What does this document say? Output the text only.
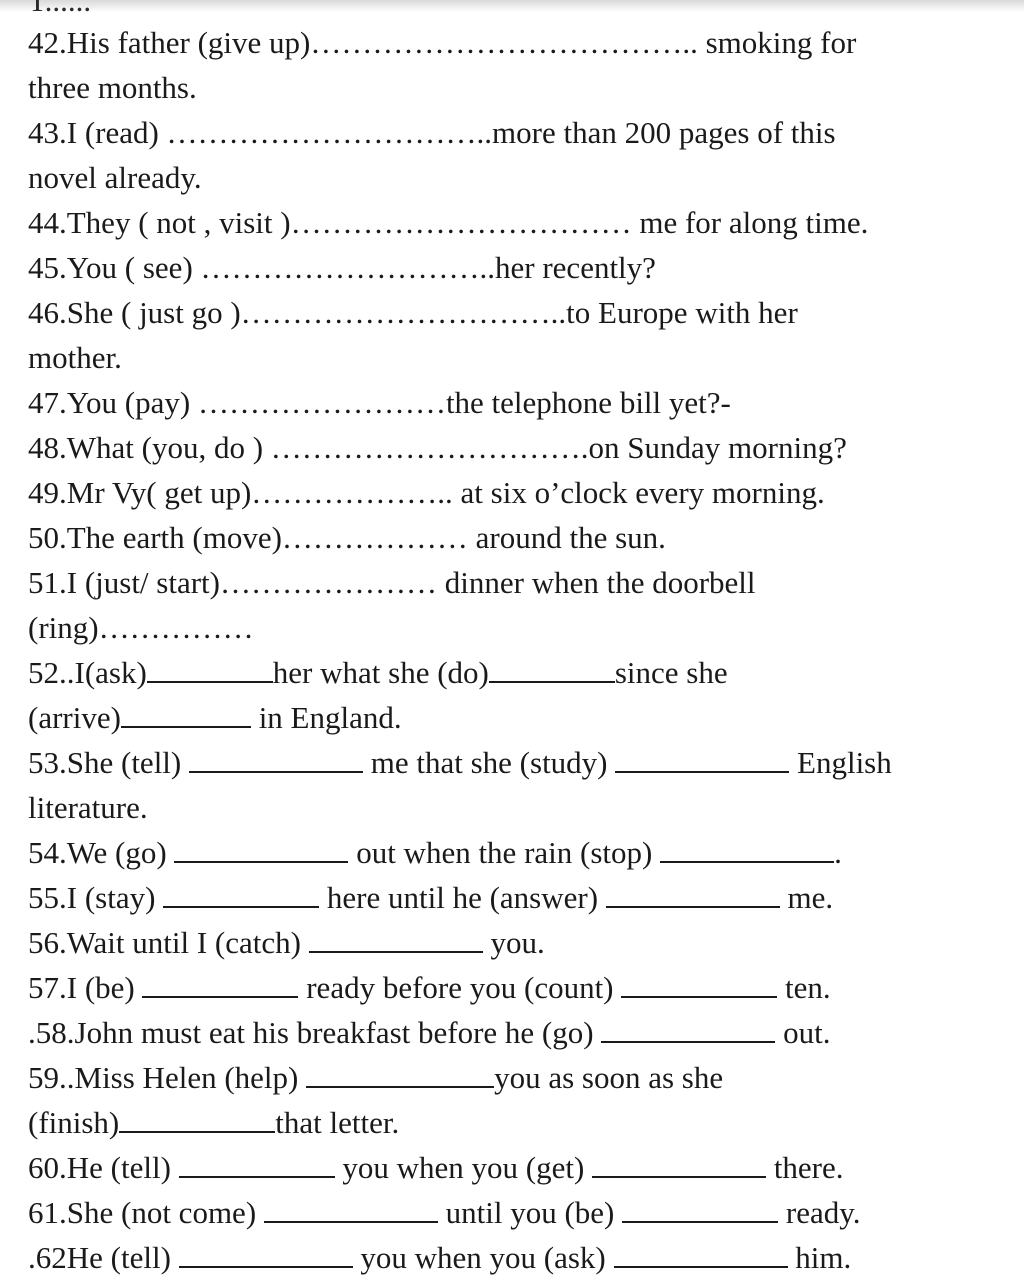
42.His father (give up)……………………………….. smoking for
three months.
43.I (read) …………………………..more than 200 pages of this
novel already.
44.They ( not , visit )…………………………… me for along time.
45.You ( see) ………………………..her recently?
46.She ( just go )…………………………..to Europe with her
mother.
47.You (pay) ……………………the telephone bill yet?-
48.What (you, do ) ………………………….on Sunday morning?
49.Mr Vy( get up)……………….. at six o’clock every morning.
50.The earth (move)……………… around the sun.
51.I (just/ start)………………… dinner when the doorbell
(ring)……………
52..I(ask)	her what she (do)	since she
(arrive)	in England.
53.She (tell)	me that she (study)	English
literature.
54.We (go)	out when the rain (stop)	.
55.I (stay)	here until he (answer)	me.
56.Wait until I (catch)	you.
57.I (be)	ready before you (count)	ten.
.58.John must eat his breakfast before he (go)	out.
59..Miss Helen (help)	you as soon as she
(finish)	that letter.
60.He (tell)	you when you (get)	there.
61.She (not come)	until you (be)	ready.
.62He (tell)	you when you (ask)	him.
